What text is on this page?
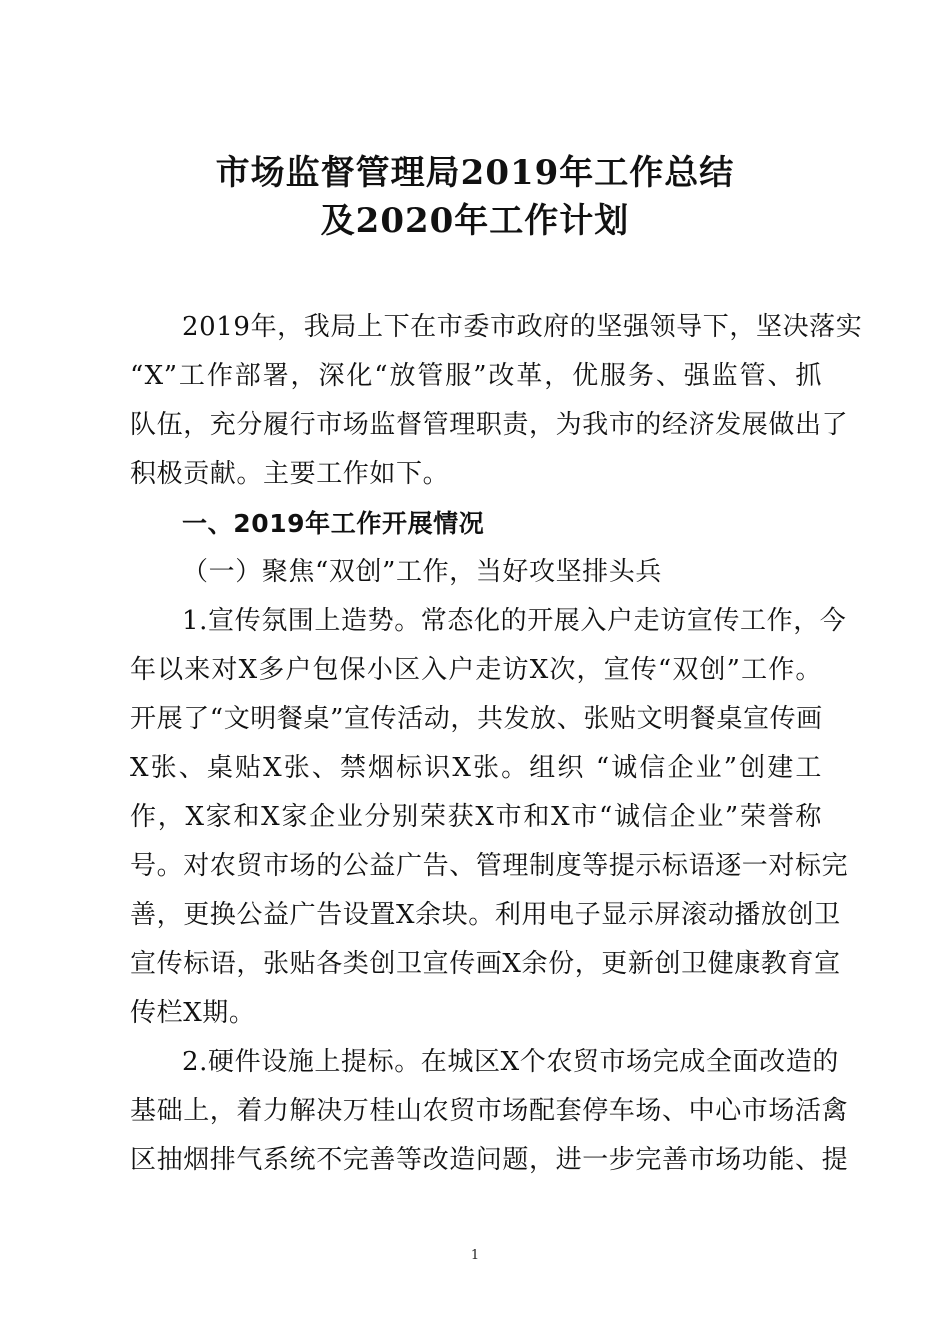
市场监督管理局2019年工作总结
及2020年工作计划
2019年，我局上下在市委市政府的坚强领导下，坚决落实
“X”工作部署，深化“放管服”改革，优服务、强监管、抓
队伍，充分履行市场监督管理职责，为我市的经济发展做出了
积极贡献。主要工作如下。
一、2019年工作开展情况
（一）聚焦“双创”工作，当好攻坚排头兵
1.宣传氛围上造势。常态化的开展入户走访宣传工作，今
年以来对X多户包保小区入户走访X次，宣传“双创”工作。
开展了“文明餐桌”宣传活动，共发放、张贴文明餐桌宣传画
X张、桌贴X张、禁烟标识X张。组织 “诚信企业”创建工
作，X家和X家企业分别荣获X市和X市“诚信企业”荣誉称
号。对农贸市场的公益广告、管理制度等提示标语逐一对标完
善，更换公益广告设置X余块。利用电子显示屏滚动播放创卫
宣传标语，张贴各类创卫宣传画X余份，更新创卫健康教育宣
传栏X期。
2.硬件设施上提标。在城区X个农贸市场完成全面改造的
基础上，着力解决万桂山农贸市场配套停车场、中心市场活禽
区抽烟排气系统不完善等改造问题，进一步完善市场功能、提
1
